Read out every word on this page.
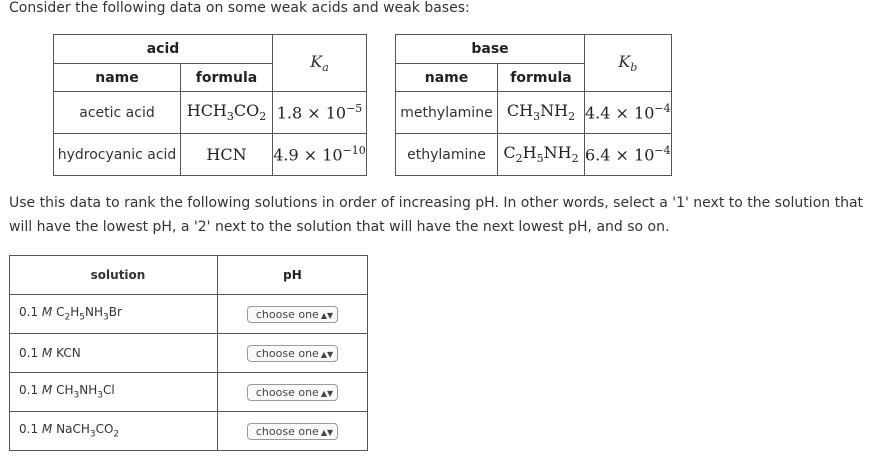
Consider the following data on some weak acids and weak bases:
acid		$K_a$
name	formula	
acetic acid	$HCH_3CO_2$	$1.8 \times 10^{-5}$
hydrocyanic acid	HCN	$4.9 \times 10^{-10}$
base		$K_b$
name	formula	
methylamine	$CH_3NH_2$	$4.4 \times 10^{-4}$
ethylamine	$C_2H_5NH_2$	$6.4 \times 10^{-4}$
Use this data to rank the following solutions in order of increasing pH. In other words, select a '1' next to the solution that will have the lowest pH, a '2' next to the solution that will have the next lowest pH, and so on.
solution	pH
0.1 M $C_2H_5NH_3Br$	choose one ▲▼
0.1 M KCN	choose one ▲▼
0.1 M $CH_3NH_3Cl$	choose one ▲▼
0.1 M $NaCH_3CO_2$	choose one ▲▼
